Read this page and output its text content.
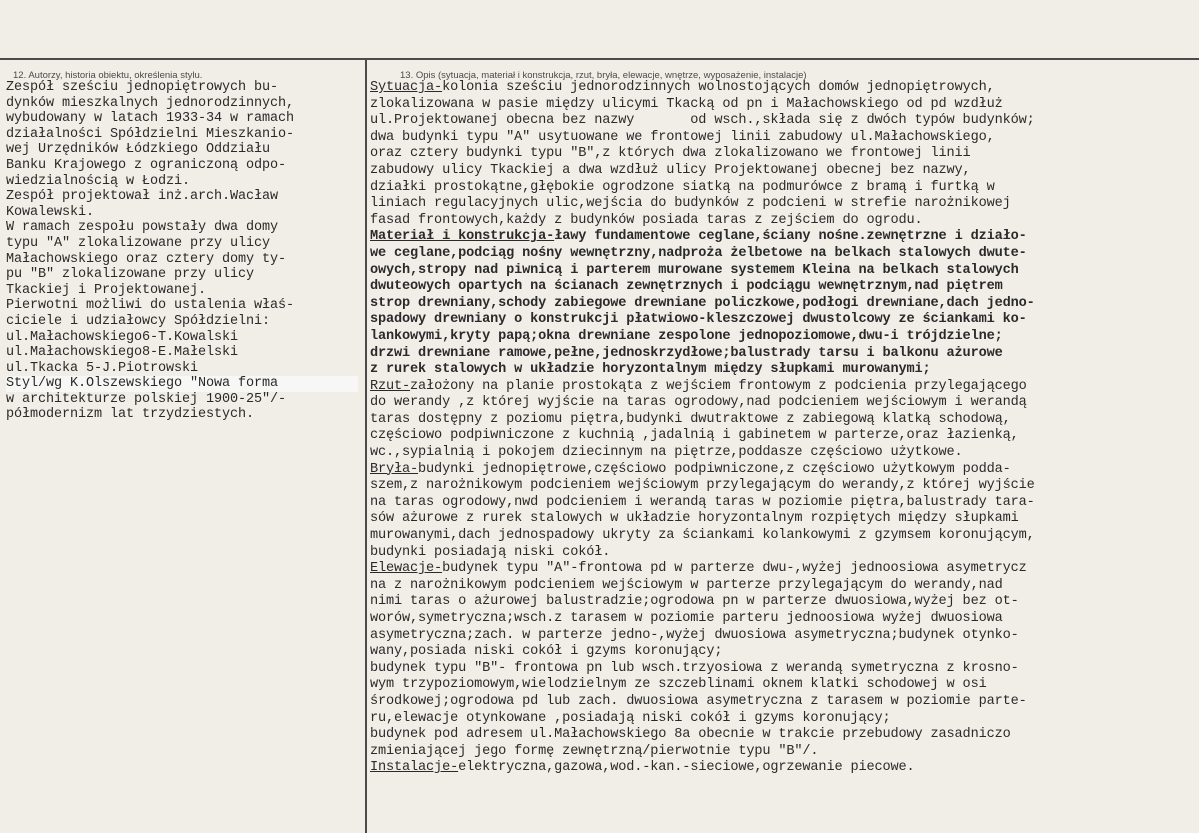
12. Autorzy, historia obiektu, określenia stylu.	13. Opis (sytuacja, materiał i konstrukcja, rzut, bryła, elewacje, wnętrze, wyposażenie, instalacje)
Zespół sześciu jednopiętrowych bu-
dynków mieszkalnych jednorodzinnych,
wybudowany w latach 1933-34 w ramach
działalności Spółdzielni Mieszkanio-
wej Urzędników Łódzkiego Oddziału
Banku Krajowego z ograniczoną odpo-
wiedzialnością w Łodzi.
Zespół projektował inż.arch.Wacław
Kowalewski.
W ramach zespołu powstały dwa domy
typu "A" zlokalizowane przy ulicy
Małachowskiego oraz cztery domy ty-
pu "B" zlokalizowane przy ulicy
Tkackiej i Projektowanej.
Pierwotni możliwi do ustalenia właś-
ciciele i udziałowcy Spółdzielni:
ul.Małachowskiego6-T.Kowalski
ul.Małachowskiego8-E.Małelski
ul.Tkacka 5-J.Piotrowski
Styl/wg K.Olszewskiego "Nowa forma
w architekturze polskiej 1900-25"/-
półmodernizm lat trzydziestych.
Sytuacja-kolonia sześciu jednorodzinnych wolnostojących domów jednopiętrowych,
zlokalizowana w pasie między ulicymi Tkacką od pn i Małachowskiego od pd wzdłuż
ul.Projektowanej obecna bez nazwy       od wsch.,składa się z dwóch typów budynków;
dwa budynki typu "A" usytuowane we frontowej linii zabudowy ul.Małachowskiego,
oraz cztery budynki typu "B",z których dwa zlokalizowano we frontowej linii
zabudowy ulicy Tkackiej a dwa wzdłuż ulicy Projektowanej obecnej bez nazwy,
działki prostokątne,głębokie ogrodzone siatką na podmurówce z bramą i furtką w
liniach regulacyjnych ulic,wejścia do budynków z podcieni w strefie narożnikowej
fasad frontowych,każdy z budynków posiada taras z zejściem do ogrodu.
Materiał i konstrukcja-ławy fundamentowe ceglane,ściany nośne.zewnętrzne i działo-
we ceglane,podciąg nośny wewnętrzny,nadproża żelbetowe na belkach stalowych dwute-
owych,stropy nad piwnicą i parterem murowane systemem Kleina na belkach stalowych
dwuteowych opartych na ścianach zewnętrznych i podciągu wewnętrznym,nad piętrem
strop drewniany,schody zabiegowe drewniane policzkowe,podłogi drewniane,dach jedno-
spadowy drewniany o konstrukcji płatwiowo-kleszczowej dwustolcowy ze ściankami ko-
lankowymi,kryty papą;okna drewniane zespolone jednopoziomowe,dwu-i trójdzielne;
drzwi drewniane ramowe,pełne,jednoskrzydłowe;balustrady tarsu i balkonu ażurowe
z rurek stalowych w układzie horyzontalnym między słupkami murowanymi;
Rzut-założony na planie prostokąta z wejściem frontowym z podcienia przylegającego
do werandy ,z której wyjście na taras ogrodowy,nad podcieniem wejściowym i werandą
taras dostępny z poziomu piętra,budynki dwutraktowe z zabiegową klatką schodową,
częściowo podpiwniczone z kuchnią ,jadalnią i gabinetem w parterze,oraz łazienką,
wc.,sypialnią i pokojem dziecinnym na piętrze,poddasze częściowo użytkowe.
Bryła-budynki jednopiętrowe,częściowo podpiwniczone,z częściowo użytkowym podda-
szem,z narożnikowym podcieniem wejściowym przylegającym do werandy,z której wyjście
na taras ogrodowy,nwd podcieniem i werandą taras w poziomie piętra,balustrady tara-
sów ażurowe z rurek stalowych w układzie horyzontalnym rozpiętych między słupkami
murowanymi,dach jednospadowy ukryty za ściankami kolankowymi z gzymsem koronującym,
budynki posiadają niski cokół.
Elewacje-budynek typu "A"-frontowa pd w parterze dwu-,wyżej jednoosiowa asymetrycz
na z narożnikowym podcieniem wejściowym w parterze przylegającym do werandy,nad
nimi taras o ażurowej balustradzie;ogrodowa pn w parterze dwuosiowa,wyżej bez ot-
worów,symetryczna;wsch.z tarasem w poziomie parteru jednoosiowa wyżej dwuosiowa
asymetryczna;zach. w parterze jedno-,wyżej dwuosiowa asymetryczna;budynek otynko-
wany,posiada niski cokół i gzyms koronujący;
budynek typu "B"- frontowa pn lub wsch.trzyosiowa z werandą symetryczna z krosno-
wym trzypoziomowym,wielodzielnym ze szczeblinami oknem klatki schodowej w osi
środkowej;ogrodowa pd lub zach. dwuosiowa asymetryczna z tarasem w poziomie parte-
ru,elewacje otynkowane ,posiadają niski cokół i gzyms koronujący;
budynek pod adresem ul.Małachowskiego 8a obecnie w trakcie przebudowy zasadniczo
zmieniającej jego formę zewnętrzną/pierwotnie typu "B"/.
Instalacje-elektryczna,gazowa,wod.-kan.-sieciowe,ogrzewanie piecowe.
